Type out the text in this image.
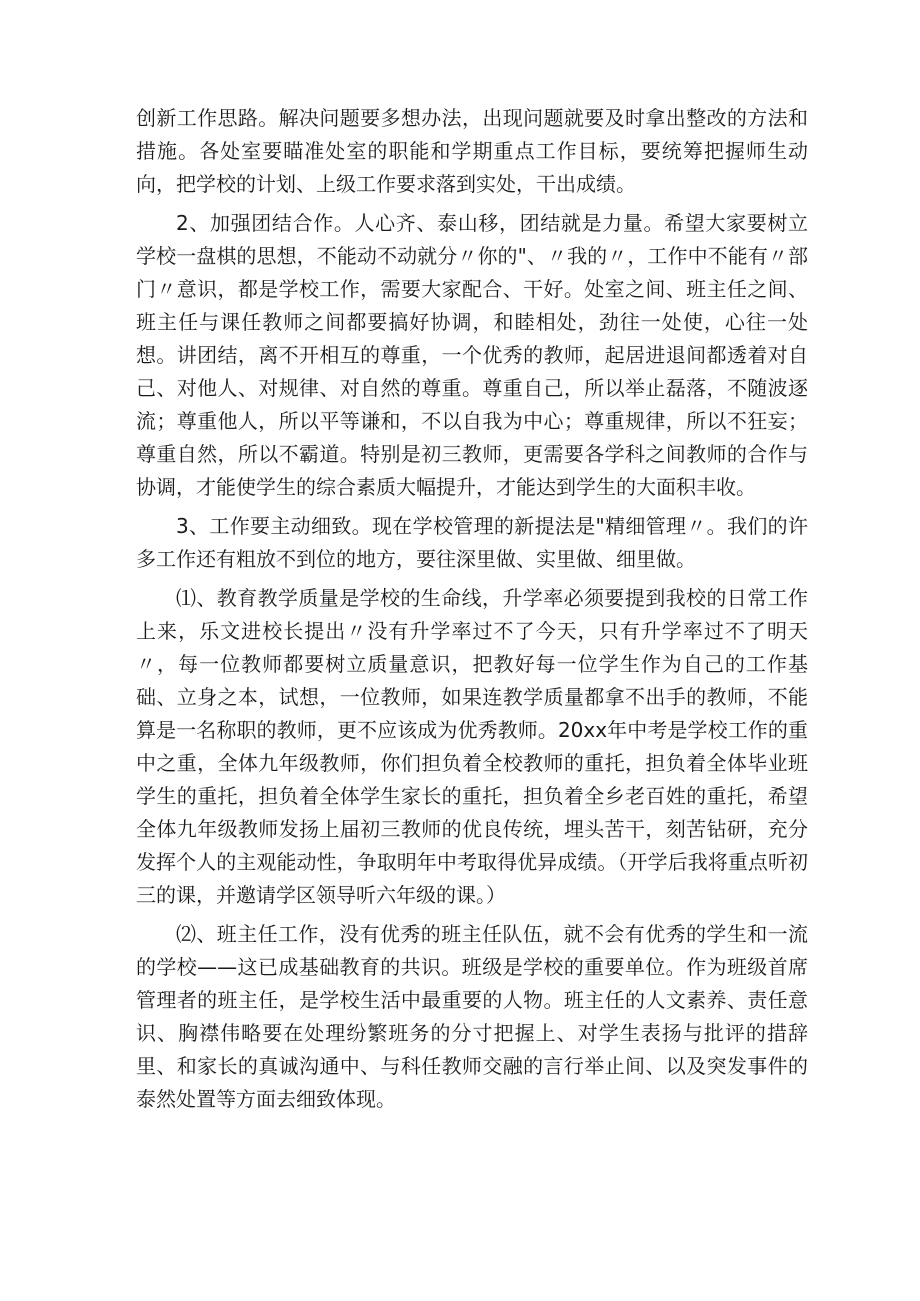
创新工作思路。解决问题要多想办法，出现问题就要及时拿出整改的方法和措施。各处室要瞄准处室的职能和学期重点工作目标，要统筹把握师生动向，把学校的计划、上级工作要求落到实处，干出成绩。

2、加强团结合作。人心齐、泰山移，团结就是力量。希望大家要树立学校一盘棋的思想，不能动不动就分〃你的"、〃我的〃，工作中不能有〃部门〃意识，都是学校工作，需要大家配合、干好。处室之间、班主任之间、班主任与课任教师之间都要搞好协调，和睦相处，劲往一处使，心往一处想。讲团结，离不开相互的尊重，一个优秀的教师，起居进退间都透着对自己、对他人、对规律、对自然的尊重。尊重自己，所以举止磊落，不随波逐流；尊重他人，所以平等谦和，不以自我为中心；尊重规律，所以不狂妄；尊重自然，所以不霸道。特别是初三教师，更需要各学科之间教师的合作与协调，才能使学生的综合素质大幅提升，才能达到学生的大面积丰收。

3、工作要主动细致。现在学校管理的新提法是"精细管理〃。我们的许多工作还有粗放不到位的地方，要往深里做、实里做、细里做。

⑴、教育教学质量是学校的生命线，升学率必须要提到我校的日常工作上来，乐文进校长提出〃没有升学率过不了今天，只有升学率过不了明天〃，每一位教师都要树立质量意识，把教好每一位学生作为自己的工作基础、立身之本，试想，一位教师，如果连教学质量都拿不出手的教师，不能算是一名称职的教师，更不应该成为优秀教师。20xx年中考是学校工作的重中之重，全体九年级教师，你们担负着全校教师的重托，担负着全体毕业班学生的重托，担负着全体学生家长的重托，担负着全乡老百姓的重托，希望全体九年级教师发扬上届初三教师的优良传统，埋头苦干，刻苦钻研，充分发挥个人的主观能动性，争取明年中考取得优异成绩。（开学后我将重点听初三的课，并邀请学区领导听六年级的课。）

⑵、班主任工作，没有优秀的班主任队伍，就不会有优秀的学生和一流的学校——这已成基础教育的共识。班级是学校的重要单位。作为班级首席管理者的班主任，是学校生活中最重要的人物。班主任的人文素养、责任意识、胸襟伟略要在处理纷繁班务的分寸把握上、对学生表扬与批评的措辞里、和家长的真诚沟通中、与科任教师交融的言行举止间、以及突发事件的泰然处置等方面去细致体现。
